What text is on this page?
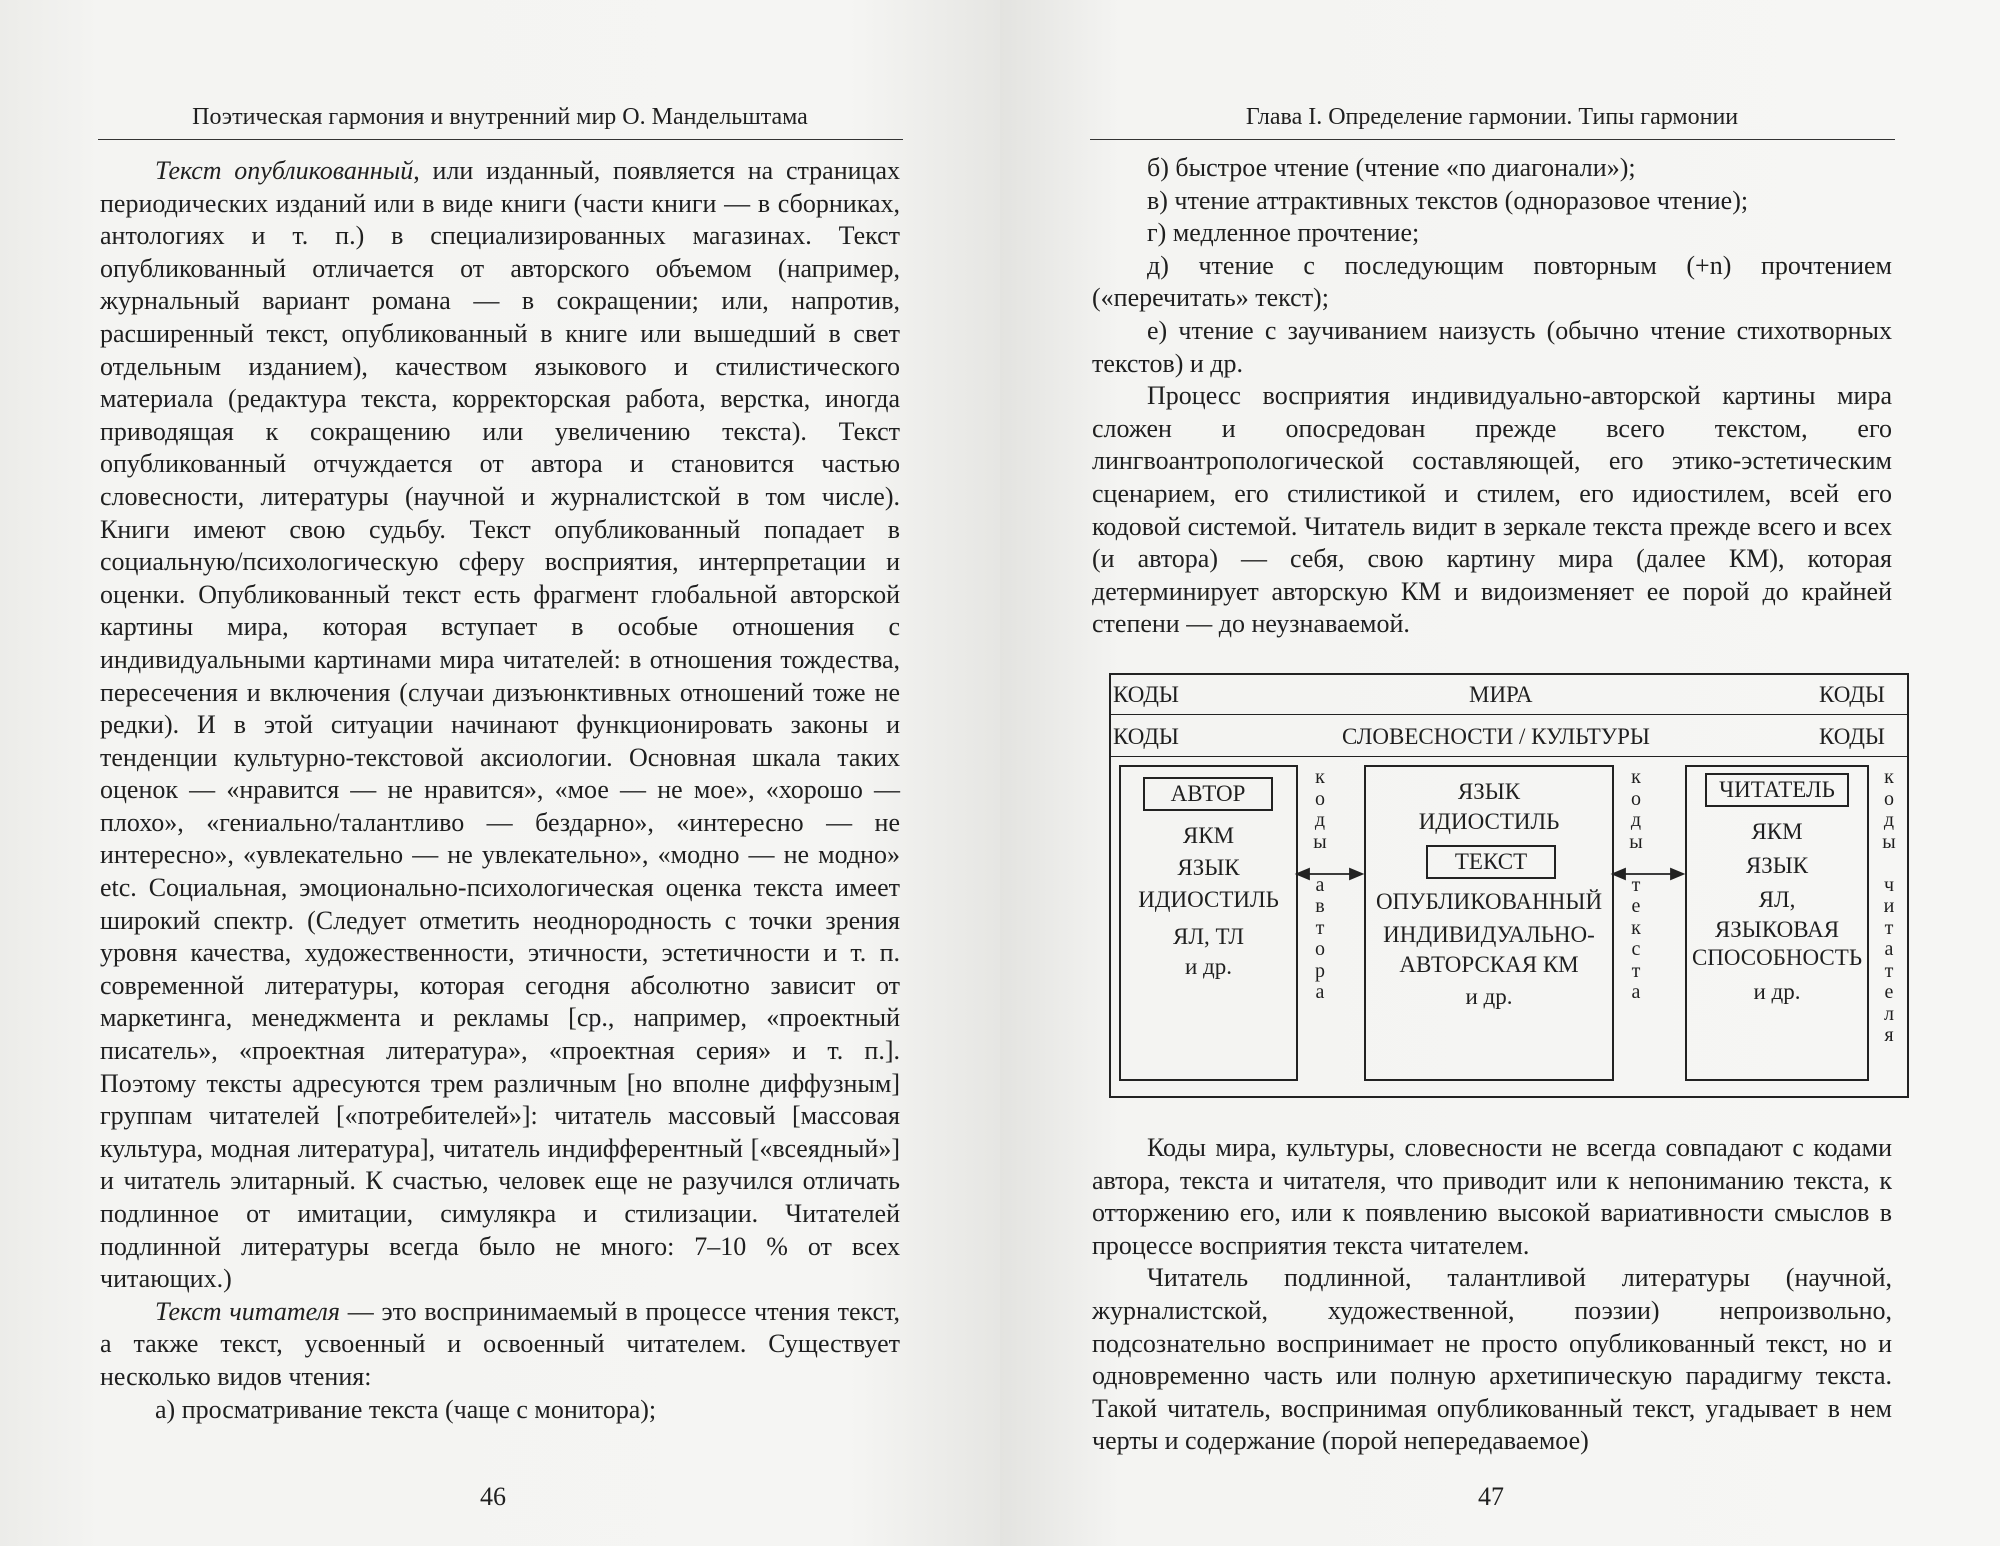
Поэтическая гармония и внутренний мир О. Мандельштама

Текст опубликованный, или изданный, появляется на страницах периодических изданий или в виде книги (части книги — в сборниках, антологиях и т. п.) в специализированных магазинах. Текст опубликованный отличается от авторского объемом (например, журнальный вариант романа — в сокращении; или, напротив, расширенный текст, опубликованный в книге или вышедший в свет отдельным изданием), качеством языкового и стилистического материала (редактура текста, корректорская работа, верстка, иногда приводящая к сокращению или увеличению текста). Текст опубликованный отчуждается от автора и становится частью словесности, литературы (научной и журналистской в том числе). Книги имеют свою судьбу. Текст опубликованный попадает в социальную/психологическую сферу восприятия, интерпретации и оценки. Опубликованный текст есть фрагмент глобальной авторской картины мира, которая вступает в особые отношения с индивидуальными картинами мира читателей: в отношения тождества, пересечения и включения (случаи дизъюнктивных отношений тоже не редки). И в этой ситуации начинают функционировать законы и тенденции культурно-текстовой аксиологии. Основная шкала таких оценок — «нравится — не нравится», «мое — не мое», «хорошо — плохо», «гениально/талантливо — бездарно», «интересно — не интересно», «увлекательно — не увлекательно», «модно — не модно» etc. Социальная, эмоционально-психологическая оценка текста имеет широкий спектр. (Следует отметить неоднородность с точки зрения уровня качества, художественности, этичности, эстетичности и т. п. современной литературы, которая сегодня абсолютно зависит от маркетинга, менеджмента и рекламы [ср., например, «проектный писатель», «проектная литература», «проектная серия» и т. п.]. Поэтому тексты адресуются трем различным [но вполне диффузным] группам читателей [«потребителей»]: читатель массовый [массовая культура, модная литература], читатель индифферентный [«всеядный»] и читатель элитарный. К счастью, человек еще не разучился отличать подлинное от имитации, симулякра и стилизации. Читателей подлинной литературы всегда было не много: 7–10 % от всех читающих.)

Текст читателя — это воспринимаемый в процессе чтения текст, а также текст, усвоенный и освоенный читателем. Существует несколько видов чтения:

а) просматривание текста (чаще с монитора);

46
Глава I. Определение гармонии. Типы гармонии

б) быстрое чтение (чтение «по диагонали»);

в) чтение аттрактивных текстов (одноразовое чтение);

г) медленное прочтение;

д) чтение с последующим повторным (+n) прочтением («перечитать» текст);

е) чтение с заучиванием наизусть (обычно чтение стихотворных текстов) и др.

Процесс восприятия индивидуально-авторской картины мира сложен и опосредован прежде всего текстом, его лингвоантропологической составляющей, его этико-эстетическим сценарием, его стилистикой и стилем, его идиостилем, всей его кодовой системой. Читатель видит в зеркале текста прежде всего и всех (и автора) — себя, свою картину мира (далее КМ), которая детерминирует авторскую КМ и видоизменяет ее порой до крайней степени — до неузнаваемой.

КОДЫ	МИРА	КОДЫ
КОДЫ	СЛОВЕСНОСТИ / КУЛЬТУРЫ	КОДЫ
АВТОР
ЯКМ
ЯЗЫК
ИДИОСТИЛЬ
ЯЛ, ТЛ
и др.
ЯЗЫК
ИДИОСТИЛЬ
ТЕКСТ
ОПУБЛИКОВАННЫЙ
ИНДИВИДУАЛЬНО-
АВТОРСКАЯ КМ
и др.
ЧИТАТЕЛЬ
ЯКМ
ЯЗЫК
ЯЛ,
ЯЗЫКОВАЯ
СПОСОБНОСТЬ
и др.
к
о
д
ы

а
в
т
о
р
а
к
о
д
ы

т
е
к
с
т
а
к
о
д
ы

ч
и
т
а
т
е
л
я

Коды мира, культуры, словесности не всегда совпадают с кодами автора, текста и читателя, что приводит или к непониманию текста, к отторжению его, или к появлению высокой вариативности смыслов в процессе восприятия текста читателем.

Читатель подлинной, талантливой литературы (научной, журналистской, художественной, поэзии) непроизвольно, подсознательно воспринимает не просто опубликованный текст, но и одновременно часть или полную архетипическую парадигму текста. Такой читатель, воспринимая опубликованный текст, угадывает в нем черты и содержание (порой непередаваемое)

47
